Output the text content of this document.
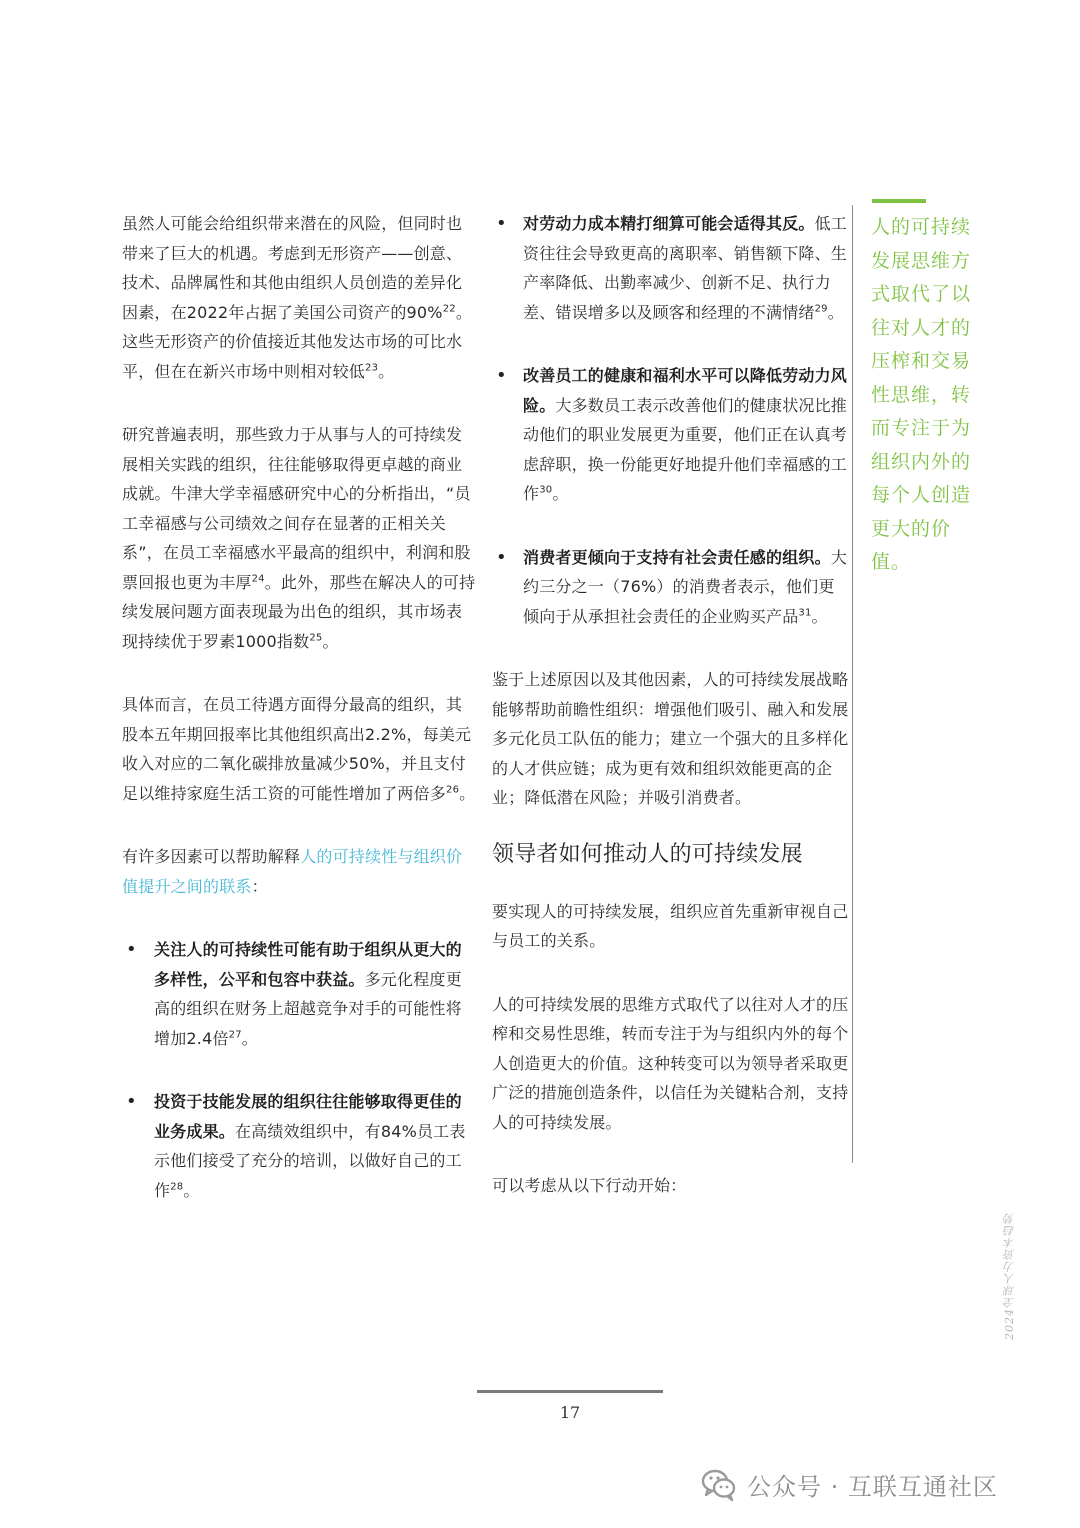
虽然人可能会给组织带来潜在的风险，但同时也带来了巨大的机遇。考虑到无形资产——创意、技术、品牌属性和其他由组织人员创造的差异化因素，在2022年占据了美国公司资产的90%$^{22}$。这些无形资产的价值接近其他发达市场的可比水平，但在在新兴市场中则相对较低$^{23}$。

研究普遍表明，那些致力于从事与人的可持续发展相关实践的组织，往往能够取得更卓越的商业成就。牛津大学幸福感研究中心的分析指出，“员工幸福感与公司绩效之间存在显著的正相关关系”，在员工幸福感水平最高的组织中，利润和股票回报也更为丰厚$^{24}$。此外，那些在解决人的可持续发展问题方面表现最为出色的组织，其市场表现持续优于罗素1000指数$^{25}$。

具体而言，在员工待遇方面得分最高的组织，其股本五年期回报率比其他组织高出2.2%，每美元收入对应的二氧化碳排放量减少50%，并且支付足以维持家庭生活工资的可能性增加了两倍多$^{26}$。

有许多因素可以帮助解释人的可持续性与组织价值提升之间的联系：

• 关注人的可持续性可能有助于组织从更大的多样性，公平和包容中获益。多元化程度更高的组织在财务上超越竞争对手的可能性将增加2.4倍$^{27}$。
• 投资于技能发展的组织往往能够取得更佳的业务成果。在高绩效组织中，有84%员工表示他们接受了充分的培训，以做好自己的工作$^{28}$。
• 对劳动力成本精打细算可能会适得其反。低工资往往会导致更高的离职率、销售额下降、生产率降低、出勤率减少、创新不足、执行力差、错误增多以及顾客和经理的不满情绪$^{29}$。
• 改善员工的健康和福利水平可以降低劳动力风险。大多数员工表示改善他们的健康状况比推动他们的职业发展更为重要，他们正在认真考虑辞职，换一份能更好地提升他们幸福感的工作$^{30}$。
• 消费者更倾向于支持有社会责任感的组织。大约三分之一（76%）的消费者表示，他们更倾向于从承担社会责任的企业购买产品$^{31}$。

鉴于上述原因以及其他因素，人的可持续发展战略能够帮助前瞻性组织：增强他们吸引、融入和发展多元化员工队伍的能力；建立一个强大的且多样化的人才供应链；成为更有效和组织效能更高的企业；降低潜在风险；并吸引消费者。

领导者如何推动人的可持续发展

要实现人的可持续发展，组织应首先重新审视自己与员工的关系。

人的可持续发展的思维方式取代了以往对人才的压榨和交易性思维，转而专注于为与组织内外的每个人创造更大的价值。这种转变可以为领导者采取更广泛的措施创造条件，以信任为关键粘合剂，支持人的可持续发展。

可以考虑从以下行动开始：

人的可持续发展思维方式取代了以往对人才的压榨和交易性思维，转而专注于为组织内外的每个人创造更大的价值。
2024全球人力资本趋势
17
公众号 · 互联互通社区
